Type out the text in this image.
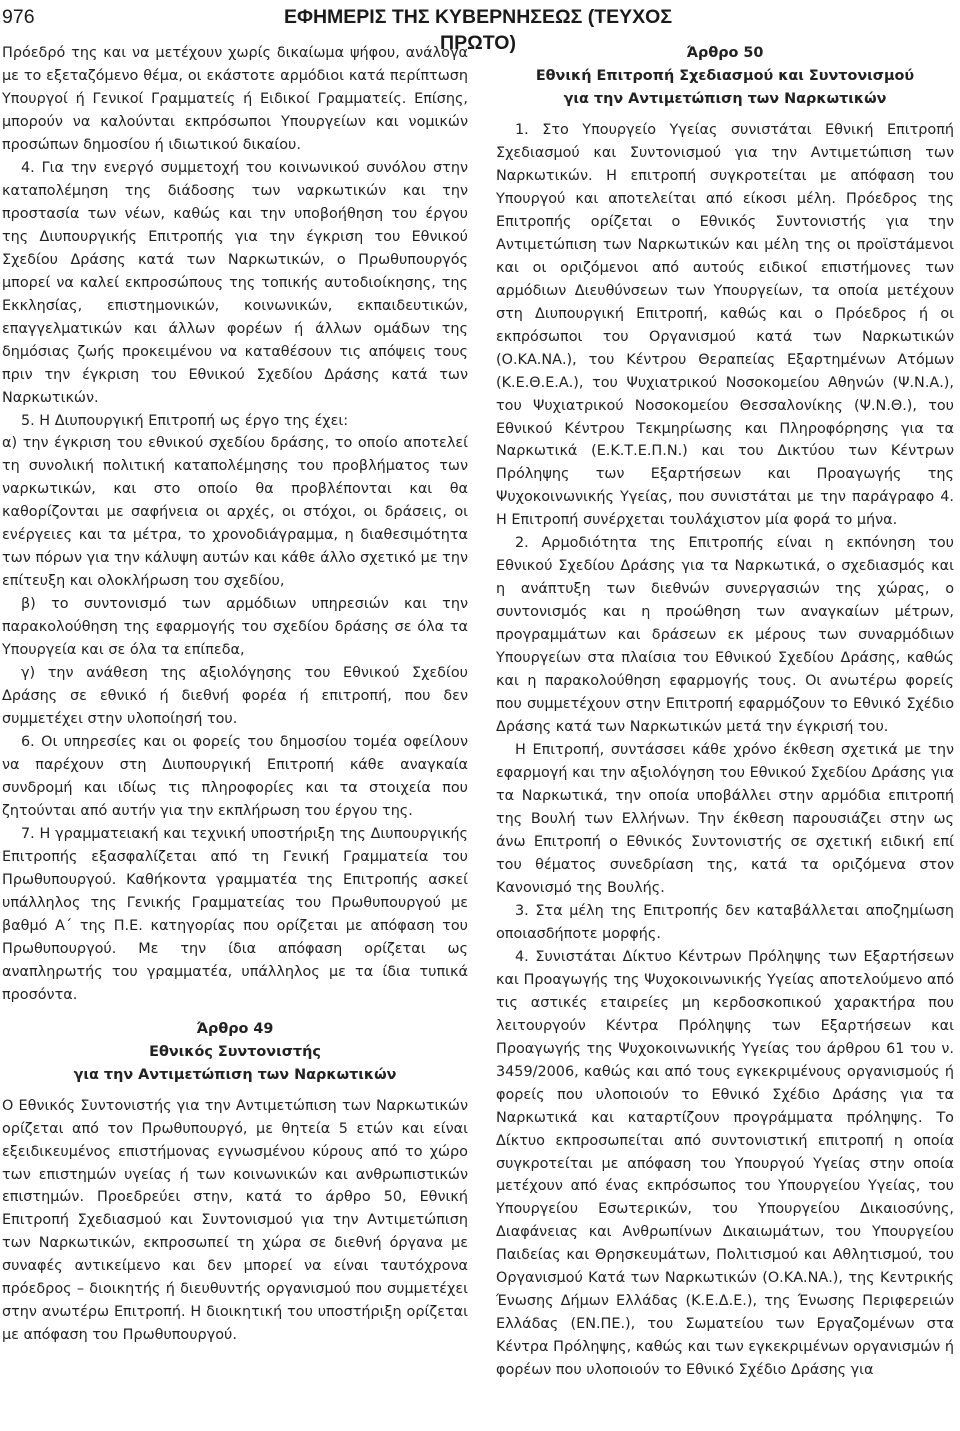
976	ΕΦΗΜΕΡΙΣ ΤΗΣ ΚΥΒΕΡΝΗΣΕΩΣ (ΤΕΥΧΟΣ ΠΡΩΤΟ)

Πρόεδρό της και να μετέχουν χωρίς δικαίωμα ψήφου, ανάλογα με το εξεταζόμενο θέμα, οι εκάστοτε αρμόδιοι κατά περίπτωση Υπουργοί ή Γενικοί Γραμματείς ή Ειδικοί Γραμματείς. Επίσης, μπορούν να καλούνται εκπρόσωποι Υπουργείων και νομικών προσώπων δημοσίου ή ιδιωτικού δικαίου.

4. Για την ενεργό συμμετοχή του κοινωνικού συνόλου στην καταπολέμηση της διάδοσης των ναρκωτικών και την προστασία των νέων, καθώς και την υποβοήθηση του έργου της Διυπουργικής Επιτροπής για την έγκριση του Εθνικού Σχεδίου Δράσης κατά των Ναρκωτικών, ο Πρωθυπουργός μπορεί να καλεί εκπροσώπους της τοπικής αυτοδιοίκησης, της Εκκλησίας, επιστημονικών, κοινωνικών, εκπαιδευτικών, επαγγελματικών και άλλων φορέων ή άλλων ομάδων της δημόσιας ζωής προκειμένου να καταθέσουν τις απόψεις τους πριν την έγκριση του Εθνικού Σχεδίου Δράσης κατά των Ναρκωτικών.

5. Η Διυπουργική Επιτροπή ως έργο της έχει:

α) την έγκριση του εθνικού σχεδίου δράσης, το οποίο αποτελεί τη συνολική πολιτική καταπολέμησης του προβλήματος των ναρκωτικών, και στο οποίο θα προβλέπονται και θα καθορίζονται με σαφήνεια οι αρχές, οι στόχοι, οι δράσεις, οι ενέργειες και τα μέτρα, το χρονοδιάγραμμα, η διαθεσιμότητα των πόρων για την κάλυψη αυτών και κάθε άλλο σχετικό με την επίτευξη και ολοκλήρωση του σχεδίου,

β) το συντονισμό των αρμόδιων υπηρεσιών και την παρακολούθηση της εφαρμογής του σχεδίου δράσης σε όλα τα Υπουργεία και σε όλα τα επίπεδα,

γ) την ανάθεση της αξιολόγησης του Εθνικού Σχεδίου Δράσης σε εθνικό ή διεθνή φορέα ή επιτροπή, που δεν συμμετέχει στην υλοποίησή του.

6. Οι υπηρεσίες και οι φορείς του δημοσίου τομέα οφείλουν να παρέχουν στη Διυπουργική Επιτροπή κάθε αναγκαία συνδρομή και ιδίως τις πληροφορίες και τα στοιχεία που ζητούνται από αυτήν για την εκπλήρωση του έργου της.

7. Η γραμματειακή και τεχνική υποστήριξη της Διυπουργικής Επιτροπής εξασφαλίζεται από τη Γενική Γραμματεία του Πρωθυπουργού. Καθήκοντα γραμματέα της Επιτροπής ασκεί υπάλληλος της Γενικής Γραμματείας του Πρωθυπουργού με βαθμό Α΄ της Π.Ε. κατηγορίας που ορίζεται με απόφαση του Πρωθυπουργού. Με την ίδια απόφαση ορίζεται ως αναπληρωτής του γραμματέα, υπάλληλος με τα ίδια τυπικά προσόντα.

Άρθρο 49
Εθνικός Συντονιστής
για την Αντιμετώπιση των Ναρκωτικών

Ο Εθνικός Συντονιστής για την Αντιμετώπιση των Ναρκωτικών ορίζεται από τον Πρωθυπουργό, με θητεία 5 ετών και είναι εξειδικευμένος επιστήμονας εγνωσμένου κύρους από το χώρο των επιστημών υγείας ή των κοινωνικών και ανθρωπιστικών επιστημών. Προεδρεύει στην, κατά το άρθρο 50, Εθνική Επιτροπή Σχεδιασμού και Συντονισμού για την Αντιμετώπιση των Ναρκωτικών, εκπροσωπεί τη χώρα σε διεθνή όργανα με συναφές αντικείμενο και δεν μπορεί να είναι ταυτόχρονα πρόεδρος – διοικητής ή διευθυντής οργανισμού που συμμετέχει στην ανωτέρω Επιτροπή. Η διοικητική του υποστήριξη ορίζεται με απόφαση του Πρωθυπουργού.

Άρθρο 50
Εθνική Επιτροπή Σχεδιασμού και Συντονισμού
για την Αντιμετώπιση των Ναρκωτικών

1. Στο Υπουργείο Υγείας συνιστάται Εθνική Επιτροπή Σχεδιασμού και Συντονισμού για την Αντιμετώπιση των Ναρκωτικών. Η επιτροπή συγκροτείται με απόφαση του Υπουργού και αποτελείται από είκοσι μέλη. Πρόεδρος της Επιτροπής ορίζεται ο Εθνικός Συντονιστής για την Αντιμετώπιση των Ναρκωτικών και μέλη της οι προϊστάμενοι και οι οριζόμενοι από αυτούς ειδικοί επιστήμονες των αρμόδιων Διευθύνσεων των Υπουργείων, τα οποία μετέχουν στη Διυπουργική Επιτροπή, καθώς και ο Πρόεδρος ή οι εκπρόσωποι του Οργανισμού κατά των Ναρκωτικών (Ο.ΚΑ.ΝΑ.), του Κέντρου Θεραπείας Εξαρτημένων Ατόμων (Κ.Ε.Θ.Ε.Α.), του Ψυχιατρικού Νοσοκομείου Αθηνών (Ψ.Ν.Α.), του Ψυχιατρικού Νοσοκομείου Θεσσαλονίκης (Ψ.Ν.Θ.), του Εθνικού Κέντρου Τεκμηρίωσης και Πληροφόρησης για τα Ναρκωτικά (Ε.Κ.Τ.Ε.Π.Ν.) και του Δικτύου των Κέντρων Πρόληψης των Εξαρτήσεων και Προαγωγής της Ψυχοκοινωνικής Υγείας, που συνιστάται με την παράγραφο 4. Η Επιτροπή συνέρχεται τουλάχιστον μία φορά το μήνα.

2. Αρμοδιότητα της Επιτροπής είναι η εκπόνηση του Εθνικού Σχεδίου Δράσης για τα Ναρκωτικά, ο σχεδιασμός και η ανάπτυξη των διεθνών συνεργασιών της χώρας, ο συντονισμός και η προώθηση των αναγκαίων μέτρων, προγραμμάτων και δράσεων εκ μέρους των συναρμόδιων Υπουργείων στα πλαίσια του Εθνικού Σχεδίου Δράσης, καθώς και η παρακολούθηση εφαρμογής τους. Οι ανωτέρω φορείς που συμμετέχουν στην Επιτροπή εφαρμόζουν το Εθνικό Σχέδιο Δράσης κατά των Ναρκωτικών μετά την έγκρισή του.

Η Επιτροπή, συντάσσει κάθε χρόνο έκθεση σχετικά με την εφαρμογή και την αξιολόγηση του Εθνικού Σχεδίου Δράσης για τα Ναρκωτικά, την οποία υποβάλλει στην αρμόδια επιτροπή της Βουλή των Ελλήνων. Την έκθεση παρουσιάζει στην ως άνω Επιτροπή ο Εθνικός Συντονιστής σε σχετική ειδική επί του θέματος συνεδρίαση της, κατά τα οριζόμενα στον Κανονισμό της Βουλής.

3. Στα μέλη της Επιτροπής δεν καταβάλλεται αποζημίωση οποιασδήποτε μορφής.

4. Συνιστάται Δίκτυο Κέντρων Πρόληψης των Εξαρτήσεων και Προαγωγής της Ψυχοκοινωνικής Υγείας αποτελούμενο από τις αστικές εταιρείες μη κερδοσκοπικού χαρακτήρα που λειτουργούν Κέντρα Πρόληψης των Εξαρτήσεων και Προαγωγής της Ψυχοκοινωνικής Υγείας του άρθρου 61 του ν. 3459/2006, καθώς και από τους εγκεκριμένους οργανισμούς ή φορείς που υλοποιούν το Εθνικό Σχέδιο Δράσης για τα Ναρκωτικά και καταρτίζουν προγράμματα πρόληψης. Το Δίκτυο εκπροσωπείται από συντονιστική επιτροπή η οποία συγκροτείται με απόφαση του Υπουργού Υγείας στην οποία μετέχουν από ένας εκπρόσωπος του Υπουργείου Υγείας, του Υπουργείου Εσωτερικών, του Υπουργείου Δικαιοσύνης, Διαφάνειας και Ανθρωπίνων Δικαιωμάτων, του Υπουργείου Παιδείας και Θρησκευμάτων, Πολιτισμού και Αθλητισμού, του Οργανισμού Κατά των Ναρκωτικών (Ο.ΚΑ.ΝΑ.), της Κεντρικής Ένωσης Δήμων Ελλάδας (Κ.Ε.Δ.Ε.), της Ένωσης Περιφερειών Ελλάδας (ΕΝ.ΠΕ.), του Σωματείου των Εργαζομένων στα Κέντρα Πρόληψης, καθώς και των εγκεκριμένων οργανισμών ή φορέων που υλοποιούν το Εθνικό Σχέδιο Δράσης για
